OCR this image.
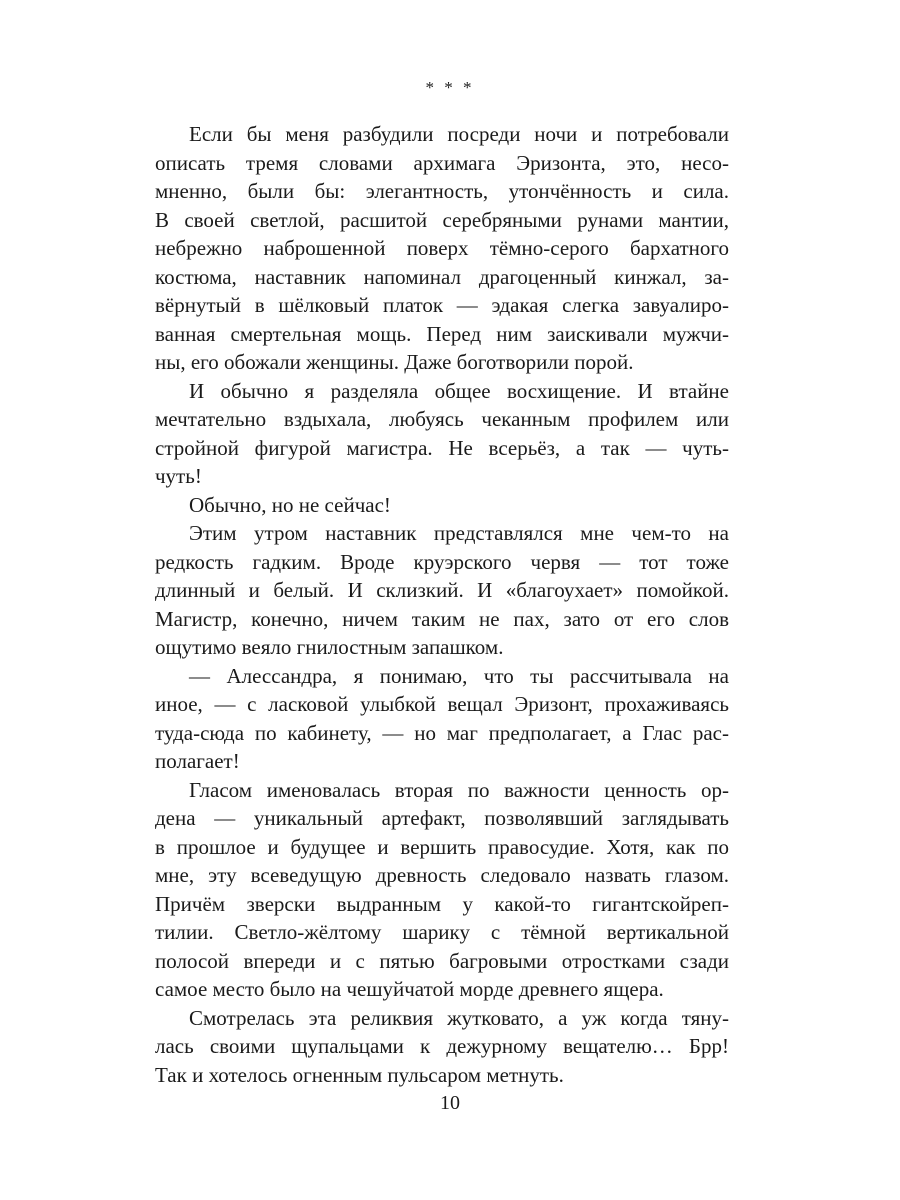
* * *
Если бы меня разбудили посреди ночи и потребовали
описать тремя словами архимага Эризонта, это, несо-
мненно, были бы: элегантность, утончённость и сила.
В своей светлой, расшитой серебряными рунами мантии,
небрежно наброшенной поверх тёмно-серого бархатного
костюма, наставник напоминал драгоценный кинжал, за-
вёрнутый в шёлковый платок — эдакая слегка завуалиро-
ванная смертельная мощь. Перед ним заискивали мужчи-
ны, его обожали женщины. Даже боготворили порой.
И обычно я разделяла общее восхищение. И втайне
мечтательно вздыхала, любуясь чеканным профилем или
стройной фигурой магистра. Не всерьёз, а так — чуть-
чуть!
Обычно, но не сейчас!
Этим утром наставник представлялся мне чем-то на
редкость гадким. Вроде круэрского червя — тот тоже
длинный и белый. И склизкий. И «благоухает» помойкой.
Магистр, конечно, ничем таким не пах, зато от его слов
ощутимо веяло гнилостным запашком.
— Алессандра, я понимаю, что ты рассчитывала на
иное, — с ласковой улыбкой вещал Эризонт, прохаживаясь
туда-сюда по кабинету, — но маг предполагает, а Глас рас-
полагает!
Гласом именовалась вторая по важности ценность ор-
дена — уникальный артефакт, позволявший заглядывать
в прошлое и будущее и вершить правосудие. Хотя, как по
мне, эту всеведущую древность следовало назвать глазом.
Причём зверски выдранным у какой-то гигантскойреп-
тилии. Светло-жёлтому шарику с тёмной вертикальной
полосой впереди и с пятью багровыми отростками сзади
самое место было на чешуйчатой морде древнего ящера.
Смотрелась эта реликвия жутковато, а уж когда тяну-
лась своими щупальцами к дежурному вещателю… Брр!
Так и хотелось огненным пульсаром метнуть.
10
